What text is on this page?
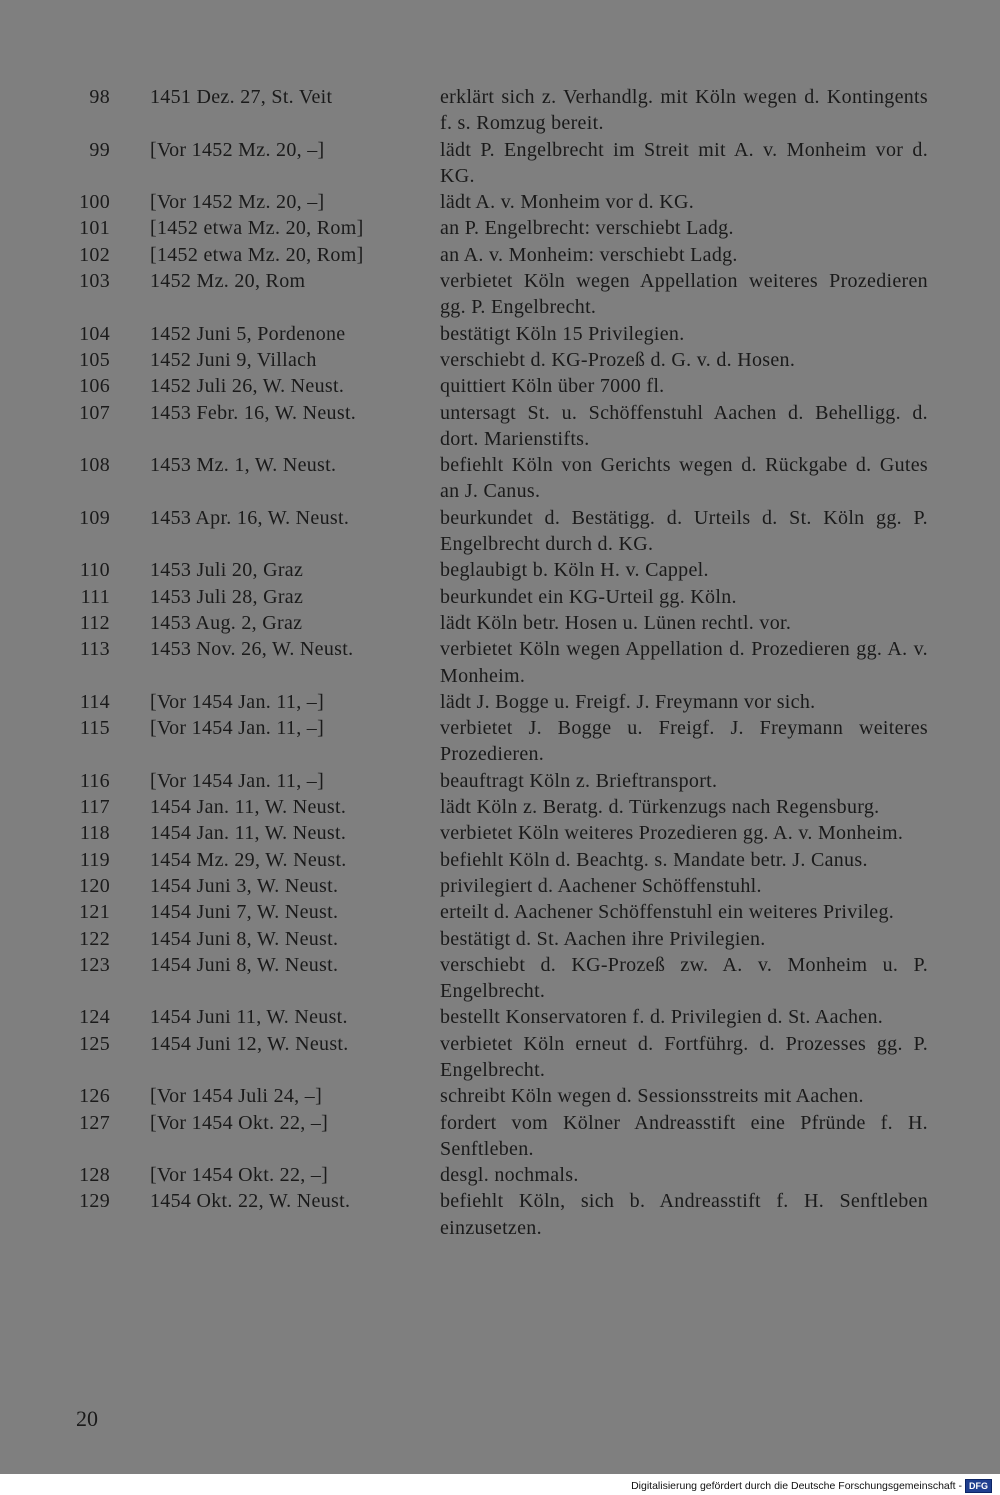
98 1451 Dez. 27, St. Veit	erklärt sich z. Verhandlg. mit Köln wegen d. Kontingents f. s. Romzug bereit.
99 [Vor 1452 Mz. 20, –]	lädt P. Engelbrecht im Streit mit A. v. Monheim vor d. KG.
100 [Vor 1452 Mz. 20, –]	lädt A. v. Monheim vor d. KG.
101 [1452 etwa Mz. 20, Rom]	an P. Engelbrecht: verschiebt Ladg.
102 [1452 etwa Mz. 20, Rom]	an A. v. Monheim: verschiebt Ladg.
103 1452 Mz. 20, Rom	verbietet Köln wegen Appellation weiteres Prozedieren gg. P. Engelbrecht.
104 1452 Juni 5, Pordenone	bestätigt Köln 15 Privilegien.
105 1452 Juni 9, Villach	verschiebt d. KG-Prozeß d. G. v. d. Hosen.
106 1452 Juli 26, W. Neust.	quittiert Köln über 7000 fl.
107 1453 Febr. 16, W. Neust.	untersagt St. u. Schöffenstuhl Aachen d. Behelligg. d. dort. Marienstifts.
108 1453 Mz. 1, W. Neust.	befiehlt Köln von Gerichts wegen d. Rückgabe d. Gutes an J. Canus.
109 1453 Apr. 16, W. Neust.	beurkundet d. Bestätigg. d. Urteils d. St. Köln gg. P. Engelbrecht durch d. KG.
110 1453 Juli 20, Graz	beglaubigt b. Köln H. v. Cappel.
111 1453 Juli 28, Graz	beurkundet ein KG-Urteil gg. Köln.
112 1453 Aug. 2, Graz	lädt Köln betr. Hosen u. Lünen rechtl. vor.
113 1453 Nov. 26, W. Neust.	verbietet Köln wegen Appellation d. Prozedieren gg. A. v. Monheim.
114 [Vor 1454 Jan. 11, –]	lädt J. Bogge u. Freigf. J. Freymann vor sich.
115 [Vor 1454 Jan. 11, –]	verbietet J. Bogge u. Freigf. J. Freymann weiteres Prozedieren.
116 [Vor 1454 Jan. 11, –]	beauftragt Köln z. Brieftransport.
117 1454 Jan. 11, W. Neust.	lädt Köln z. Beratg. d. Türkenzugs nach Regensburg.
118 1454 Jan. 11, W. Neust.	verbietet Köln weiteres Prozedieren gg. A. v. Monheim.
119 1454 Mz. 29, W. Neust.	befiehlt Köln d. Beachtg. s. Mandate betr. J. Canus.
120 1454 Juni 3, W. Neust.	privilegiert d. Aachener Schöffenstuhl.
121 1454 Juni 7, W. Neust.	erteilt d. Aachener Schöffenstuhl ein weiteres Privileg.
122 1454 Juni 8, W. Neust.	bestätigt d. St. Aachen ihre Privilegien.
123 1454 Juni 8, W. Neust.	verschiebt d. KG-Prozeß zw. A. v. Monheim u. P. Engelbrecht.
124 1454 Juni 11, W. Neust.	bestellt Konservatoren f. d. Privilegien d. St. Aachen.
125 1454 Juni 12, W. Neust.	verbietet Köln erneut d. Fortführg. d. Prozesses gg. P. Engelbrecht.
126 [Vor 1454 Juli 24, –]	schreibt Köln wegen d. Sessionsstreits mit Aachen.
127 [Vor 1454 Okt. 22, –]	fordert vom Kölner Andreasstift eine Pfründe f. H. Senftleben.
128 [Vor 1454 Okt. 22, –]	desgl. nochmals.
129 1454 Okt. 22, W. Neust.	befiehlt Köln, sich b. Andreasstift f. H. Senftleben einzusetzen.
20
Digitalisierung gefördert durch die Deutsche Forschungsgemeinschaft - DFG
